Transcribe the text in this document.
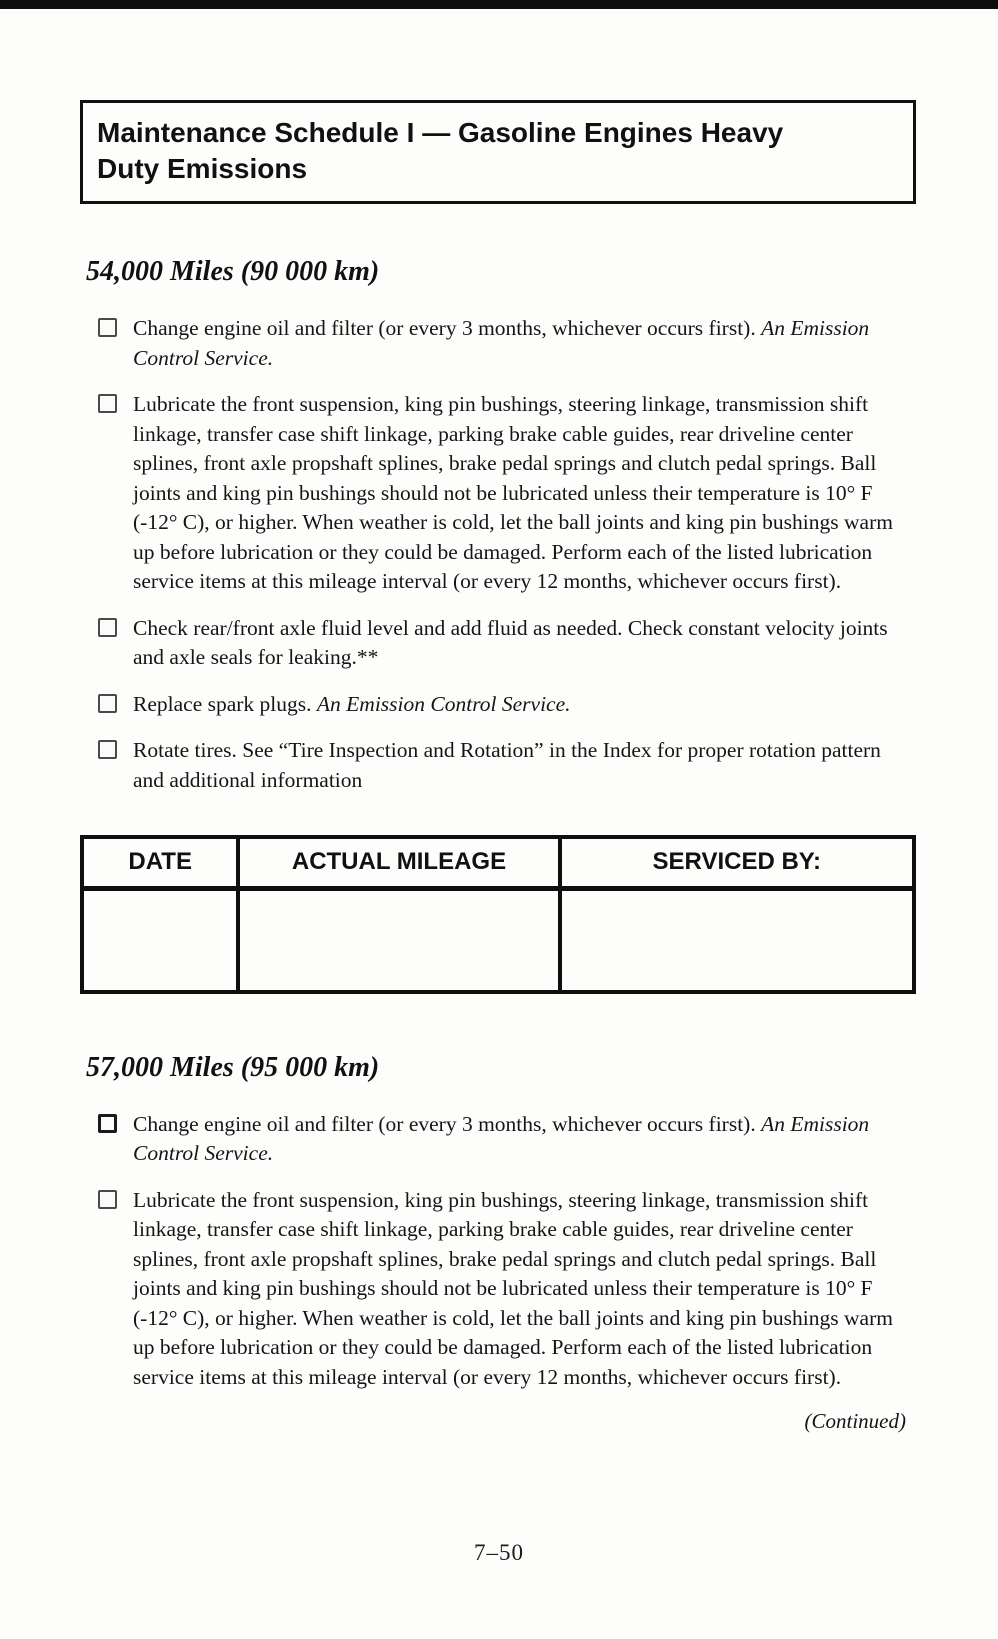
Maintenance Schedule I — Gasoline Engines Heavy
Duty Emissions
54,000 Miles (90 000 km)
Change engine oil and filter (or every 3 months, whichever occurs first). An Emission Control Service.
Lubricate the front suspension, king pin bushings, steering linkage, transmission shift linkage, transfer case shift linkage, parking brake cable guides, rear driveline center splines, front axle propshaft splines, brake pedal springs and clutch pedal springs. Ball joints and king pin bushings should not be lubricated unless their temperature is 10° F (-12° C), or higher. When weather is cold, let the ball joints and king pin bushings warm up before lubrication or they could be damaged. Perform each of the listed lubrication service items at this mileage interval (or every 12 months, whichever occurs first).
Check rear/front axle fluid level and add fluid as needed. Check constant velocity joints and axle seals for leaking.**
Replace spark plugs. An Emission Control Service.
Rotate tires. See “Tire Inspection and Rotation” in the Index for proper rotation pattern and additional information
DATE	ACTUAL MILEAGE	SERVICED BY:

57,000 Miles (95 000 km)
Change engine oil and filter (or every 3 months, whichever occurs first). An Emission Control Service.
Lubricate the front suspension, king pin bushings, steering linkage, transmission shift linkage, transfer case shift linkage, parking brake cable guides, rear driveline center splines, front axle propshaft splines, brake pedal springs and clutch pedal springs. Ball joints and king pin bushings should not be lubricated unless their temperature is 10° F (-12° C), or higher. When weather is cold, let the ball joints and king pin bushings warm up before lubrication or they could be damaged. Perform each of the listed lubrication service items at this mileage interval (or every 12 months, whichever occurs first).
(Continued)
7–50
